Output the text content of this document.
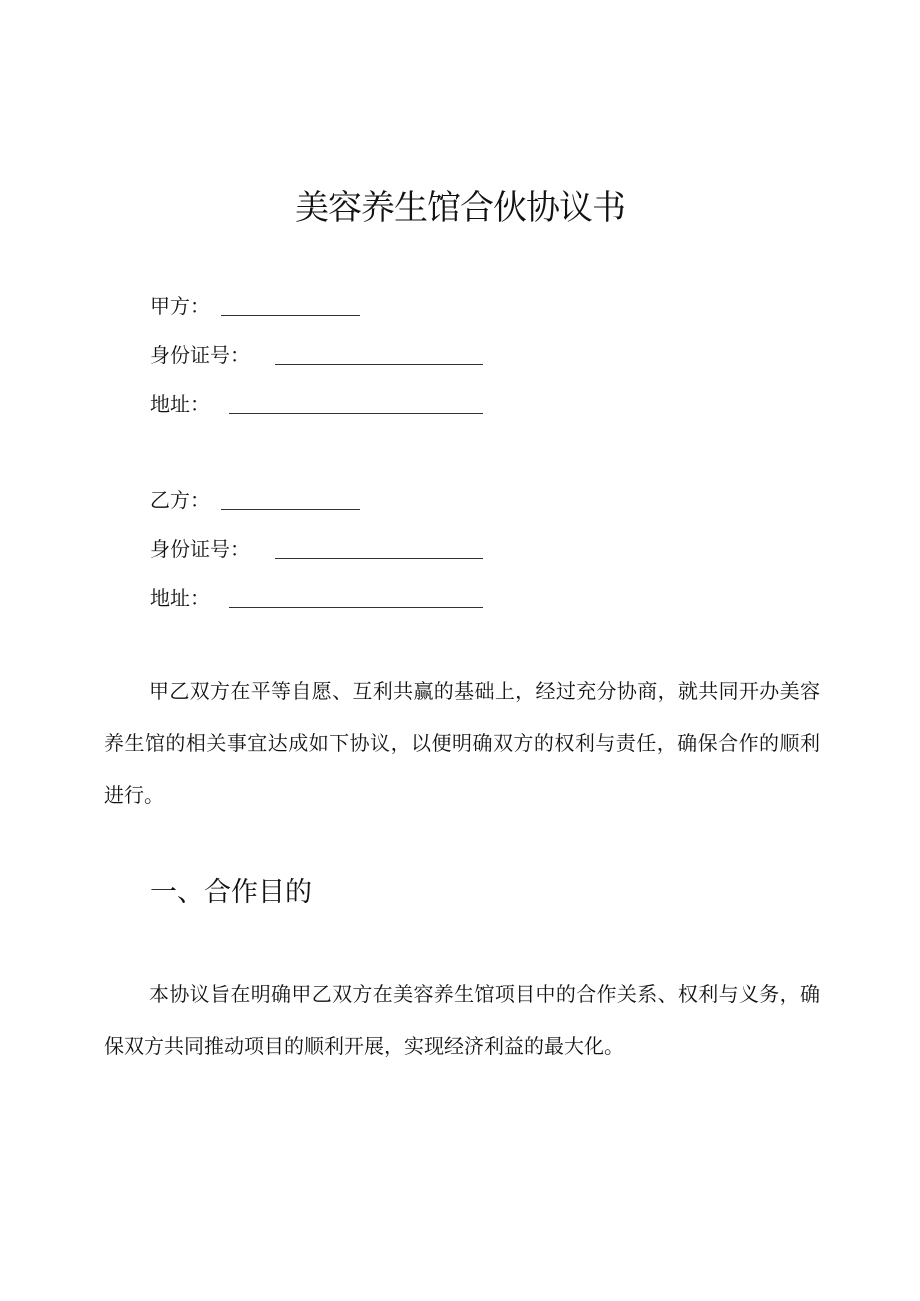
美容养生馆合伙协议书
甲方：
身份证号：
地址：
乙方：
身份证号：
地址：
甲乙双方在平等自愿、互利共赢的基础上，经过充分协商，就共同开办美容养生馆的相关事宜达成如下协议，以便明确双方的权利与责任，确保合作的顺利进行。
一、合作目的
本协议旨在明确甲乙双方在美容养生馆项目中的合作关系、权利与义务，确保双方共同推动项目的顺利开展，实现经济利益的最大化。
